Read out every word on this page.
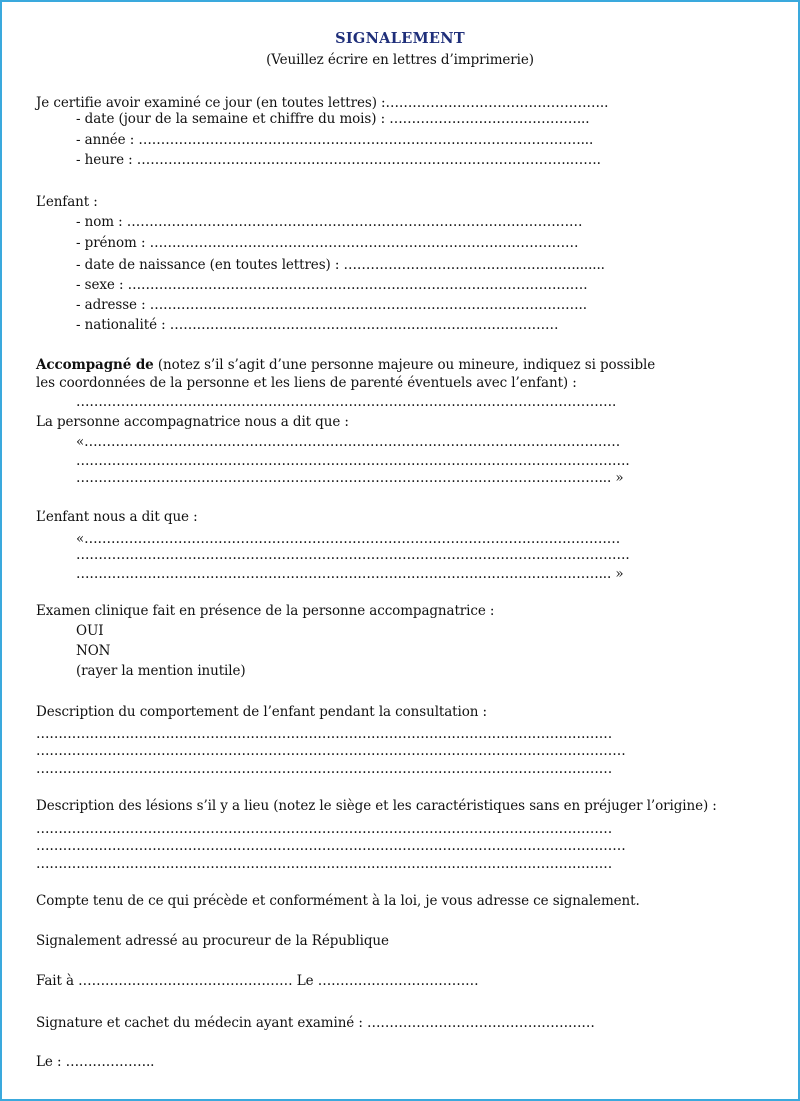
SIGNALEMENT
(Veuillez écrire en lettres d’imprimerie)
Je certifie avoir examiné ce jour (en toutes lettres) :…………………………………………..
- date (jour de la semaine et chiffre du mois) : ……………………………………...
- année : ………………………………………………………………………………………...
- heure : …………………………………………………………………………………….…….
L’enfant :
- nom : …………………………………………………………………………………………
- prénom : ……………………………………………………………………………………
- date de naissance (en toutes lettres) : ……………………………………………........
- sexe : ………………………………………………………………………………………….
- adresse : ……………………………………………………………………………………..
- nationalité : ……………………………………………………………………………
Accompagné de (notez s’il s’agit d’une personne majeure ou mineure, indiquez si possible
les coordonnées de la personne et les liens de parenté éventuels avec l’enfant) :
………………………………………………………………………………………………………….
La personne accompagnatrice nous a dit que :
«…………………………………………………………………………………………………………
…………………………………………………………………………………………………………….
………………………………………………………………………………………………………... »
L’enfant nous a dit que :
«…………………………………………………………………………………………………………
…………………………………………………………………………………………………………….
………………………………………………………………………………………………………... »
Examen clinique fait en présence de la personne accompagnatrice :
OUI
NON
(rayer la mention inutile)
Description du comportement de l’enfant pendant la consultation :
…………………………………………………………………………………………………………………
……………………………………………………………………………………………………………………
…………………………………………………………………………………………………………………
Description des lésions s’il y a lieu (notez le siège et les caractéristiques sans en préjuger l’origine) :
…………………………………………………………………………………………………………………
……………………………………………………………………………………………………………………
…………………………………………………………………………………………………………………
Compte tenu de ce qui précède et conformément à la loi, je vous adresse ce signalement.
Signalement adressé au procureur de la République
Fait à ………………………………………… Le ………………………………
Signature et cachet du médecin ayant examiné : ……………………………………………
Le : ………………..
